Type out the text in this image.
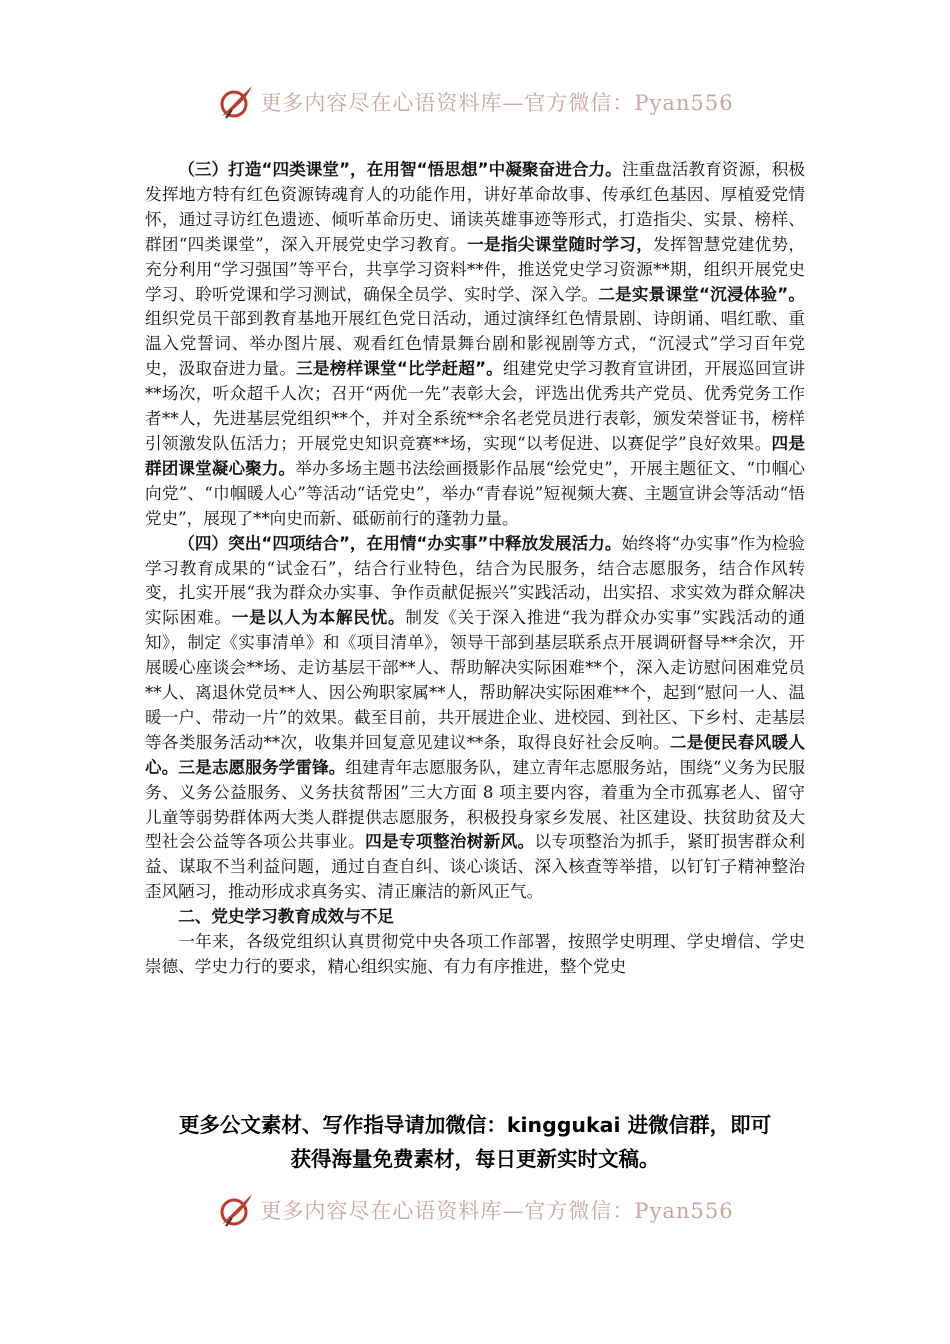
更多内容尽在心语资料库—官方微信：Pyan556

（三）打造“四类课堂”，在用智“悟思想”中凝聚奋进合力。注重盘活教育资源，积极发挥地方特有红色资源铸魂育人的功能作用，讲好革命故事、传承红色基因、厚植爱党情怀，通过寻访红色遗迹、倾听革命历史、诵读英雄事迹等形式，打造指尖、实景、榜样、群团“四类课堂”，深入开展党史学习教育。一是指尖课堂随时学习，发挥智慧党建优势，充分利用“学习强国”等平台，共享学习资料**件，推送党史学习资源**期，组织开展党史学习、聆听党课和学习测试，确保全员学、实时学、深入学。二是实景课堂“沉浸体验”。组织党员干部到教育基地开展红色党日活动，通过演绎红色情景剧、诗朗诵、唱红歌、重温入党誓词、举办图片展、观看红色情景舞台剧和影视剧等方式，“沉浸式”学习百年党史，汲取奋进力量。三是榜样课堂“比学赶超”。组建党史学习教育宣讲团，开展巡回宣讲**场次，听众超千人次；召开“两优一先”表彰大会，评选出优秀共产党员、优秀党务工作者**人，先进基层党组织**个，并对全系统**余名老党员进行表彰，颁发荣誉证书，榜样引领激发队伍活力；开展党史知识竞赛**场，实现“以考促进、以赛促学”良好效果。四是群团课堂凝心聚力。举办多场主题书法绘画摄影作品展“绘党史”，开展主题征文、“巾帼心向党”、“巾帼暖人心”等活动“话党史”，举办“青春说”短视频大赛、主题宣讲会等活动“悟党史”，展现了**向史而新、砥砺前行的蓬勃力量。

（四）突出“四项结合”，在用情“办实事”中释放发展活力。始终将“办实事”作为检验学习教育成果的“试金石”，结合行业特色，结合为民服务，结合志愿服务，结合作风转变，扎实开展“我为群众办实事、争作贡献促振兴”实践活动，出实招、求实效为群众解决实际困难。一是以人为本解民忧。制发《关于深入推进“我为群众办实事”实践活动的通知》，制定《实事清单》和《项目清单》，领导干部到基层联系点开展调研督导**余次，开展暖心座谈会**场、走访基层干部**人、帮助解决实际困难**个，深入走访慰问困难党员**人、离退休党员**人、因公殉职家属**人，帮助解决实际困难**个，起到“慰问一人、温暖一户、带动一片”的效果。截至目前，共开展进企业、进校园、到社区、下乡村、走基层等各类服务活动**次，收集并回复意见建议**条，取得良好社会反响。二是便民春风暖人心。三是志愿服务学雷锋。组建青年志愿服务队，建立青年志愿服务站，围绕“义务为民服务、义务公益服务、义务扶贫帮困”三大方面 8 项主要内容，着重为全市孤寡老人、留守儿童等弱势群体两大类人群提供志愿服务，积极投身家乡发展、社区建设、扶贫助贫及大型社会公益等各项公共事业。四是专项整治树新风。以专项整治为抓手，紧盯损害群众利益、谋取不当利益问题，通过自查自纠、谈心谈话、深入核查等举措，以钉钉子精神整治歪风陋习，推动形成求真务实、清正廉洁的新风正气。

二、党史学习教育成效与不足

一年来，各级党组织认真贯彻党中央各项工作部署，按照学史明理、学史增信、学史崇德、学史力行的要求，精心组织实施、有力有序推进，整个党史

更多公文素材、写作指导请加微信：kinggukai 进微信群，即可
获得海量免费素材，每日更新实时文稿。
更多内容尽在心语资料库—官方微信：Pyan556
